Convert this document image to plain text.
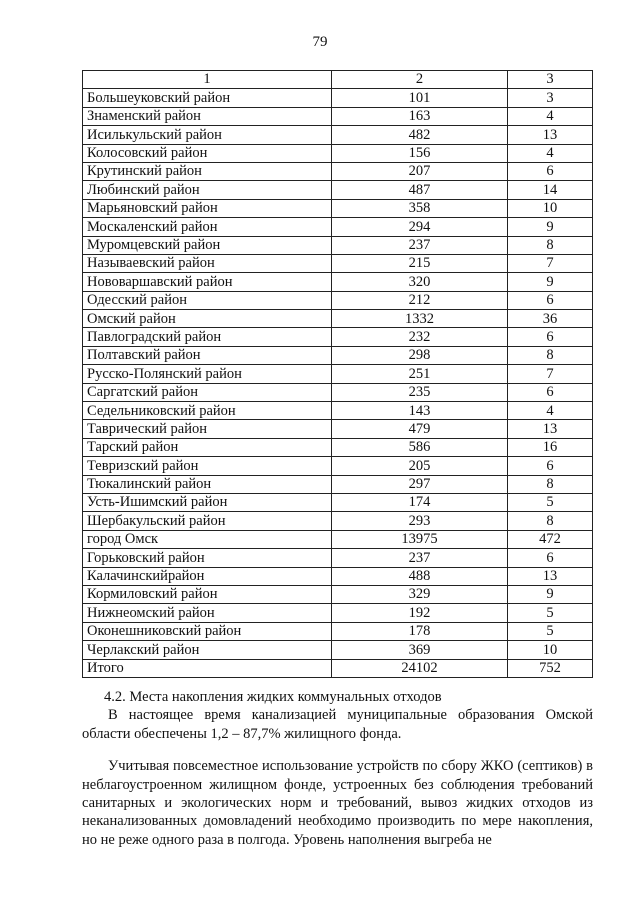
79
1	2	3
Большеуковский район	101	3
Знаменский район	163	4
Исилькульский район	482	13
Колосовский район	156	4
Крутинский район	207	6
Любинский район	487	14
Марьяновский район	358	10
Москаленский район	294	9
Муромцевский район	237	8
Называевский район	215	7
Нововаршавский район	320	9
Одесский район	212	6
Омский район	1332	36
Павлоградский район	232	6
Полтавский район	298	8
Русско-Полянский район	251	7
Саргатский район	235	6
Седельниковский район	143	4
Таврический район	479	13
Тарский район	586	16
Тевризский район	205	6
Тюкалинский район	297	8
Усть-Ишимский район	174	5
Шербакульский район	293	8
город Омск	13975	472
Горьковский район	237	6
Калачинскийрайон	488	13
Кормиловский район	329	9
Нижнеомский район	192	5
Оконешниковский район	178	5
Черлакский район	369	10
Итого	24102	752

4.2. Места накопления жидких коммунальных отходов

В настоящее время канализацией муниципальные образования Омской области обеспечены 1,2 – 87,7% жилищного фонда.

Учитывая повсеместное использование устройств по сбору ЖКО (септиков) в неблагоустроенном жилищном фонде, устроенных без соблюдения требований санитарных и экологических норм и требований, вывоз жидких отходов из неканализованных домовладений необходимо производить по мере накопления, но не реже одного раза в полгода. Уровень наполнения выгреба не
